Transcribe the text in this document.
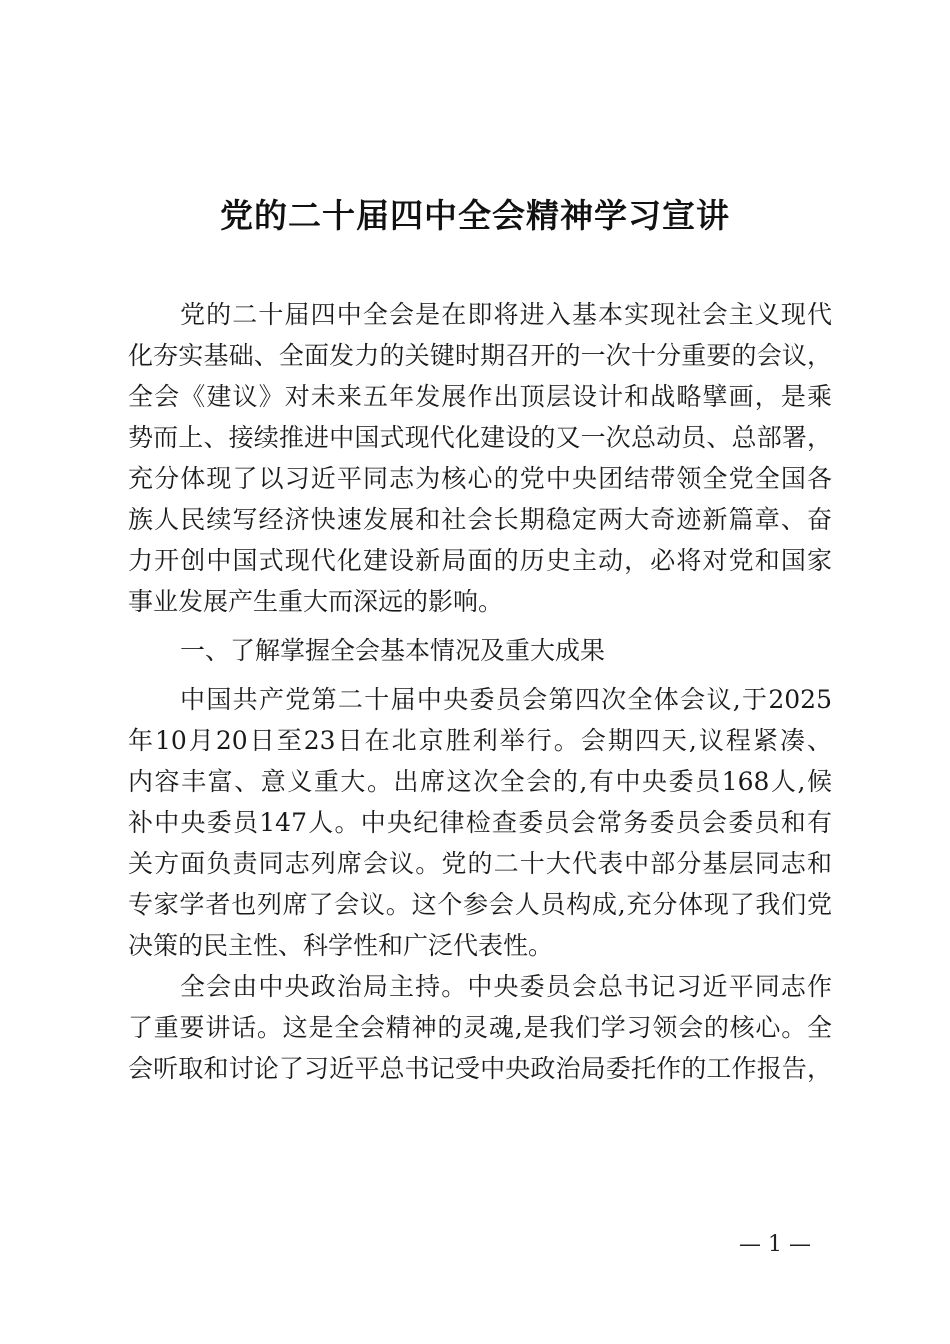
党的二十届四中全会精神学习宣讲
党的二十届四中全会是在即将进入基本实现社会主义现代
化夯实基础、全面发力的关键时期召开的一次十分重要的会议，
全会《建议》对未来五年发展作出顶层设计和战略擘画，是乘
势而上、接续推进中国式现代化建设的又一次总动员、总部署，
充分体现了以习近平同志为核心的党中央团结带领全党全国各
族人民续写经济快速发展和社会长期稳定两大奇迹新篇章、奋
力开创中国式现代化建设新局面的历史主动，必将对党和国家
事业发展产生重大而深远的影响。
一、了解掌握全会基本情况及重大成果
中国共产党第二十届中央委员会第四次全体会议,于2025
年10月20日至23日在北京胜利举行。会期四天,议程紧凑、
内容丰富、意义重大。出席这次全会的,有中央委员168人,候
补中央委员147人。中央纪律检查委员会常务委员会委员和有
关方面负责同志列席会议。党的二十大代表中部分基层同志和
专家学者也列席了会议。这个参会人员构成,充分体现了我们党
决策的民主性、科学性和广泛代表性。
全会由中央政治局主持。中央委员会总书记习近平同志作
了重要讲话。这是全会精神的灵魂,是我们学习领会的核心。全
会听取和讨论了习近平总书记受中央政治局委托作的工作报告，
— 1 —
